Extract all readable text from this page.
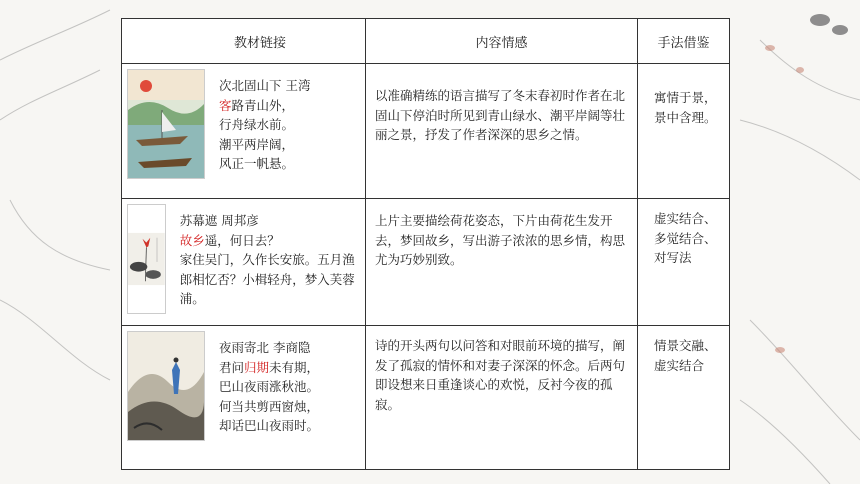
教材链接	内容情感	手法借鉴

次北固山下 王湾
客路青山外，
行舟绿水前。
潮平两岸阔，
风正一帆悬。	以准确精练的语言描写了冬末春初时作者在北固山下停泊时所见到青山绿水、潮平岸阔等壮丽之景，抒发了作者深深的思乡之情。	寓情于景，景中含理。

苏幕遮 周邦彦
故乡遥，何日去？
家住吴门，久作长安旅。五月渔郎相忆否？小楫轻舟，梦入芙蓉浦。	上片主要描绘荷花姿态，下片由荷花生发开去，梦回故乡，写出游子浓浓的思乡情，构思尤为巧妙别致。	虚实结合、多觉结合、对写法

夜雨寄北 李商隐
君问归期未有期，
巴山夜雨涨秋池。
何当共剪西窗烛，
却话巴山夜雨时。	诗的开头两句以问答和对眼前环境的描写，阐发了孤寂的情怀和对妻子深深的怀念。后两句即设想来日重逢谈心的欢悦，反衬今夜的孤寂。	情景交融、虚实结合
